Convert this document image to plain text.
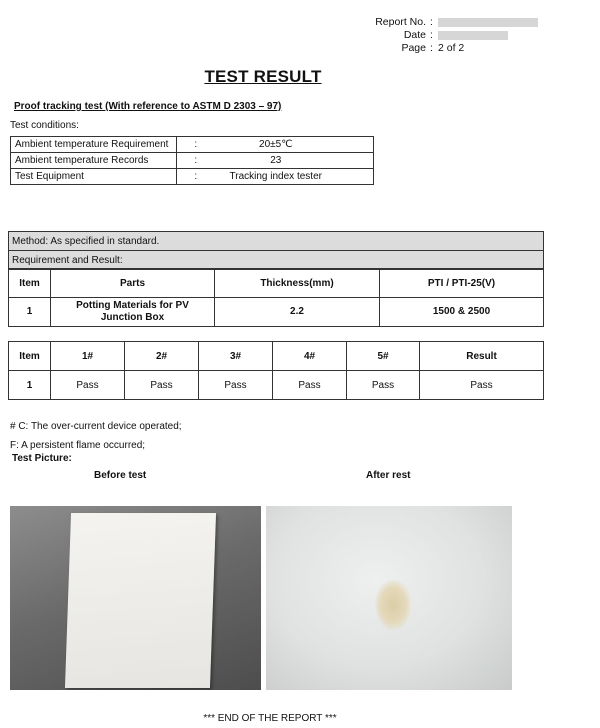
Report No. :
Date :
Page : 2 of 2
TEST RESULT
Proof tracking test (With reference to ASTM D 2303 – 97)
Test conditions:
Ambient temperature Requirement	:	20±5℃
Ambient temperature Records	:	23
Test Equipment	:	Tracking index tester
Method: As specified in standard.
Requirement and Result:
Item	Parts	Thickness(mm)	PTI / PTI-25(V)
1	Potting Materials for PV Junction Box	2.2	1500 & 2500
Item	1#	2#	3#	4#	5#	Result
1	Pass	Pass	Pass	Pass	Pass	Pass
# C: The over-current device operated;
F: A persistent flame occurred;
Test Picture:
Before test	After rest
*** END OF THE REPORT ***
